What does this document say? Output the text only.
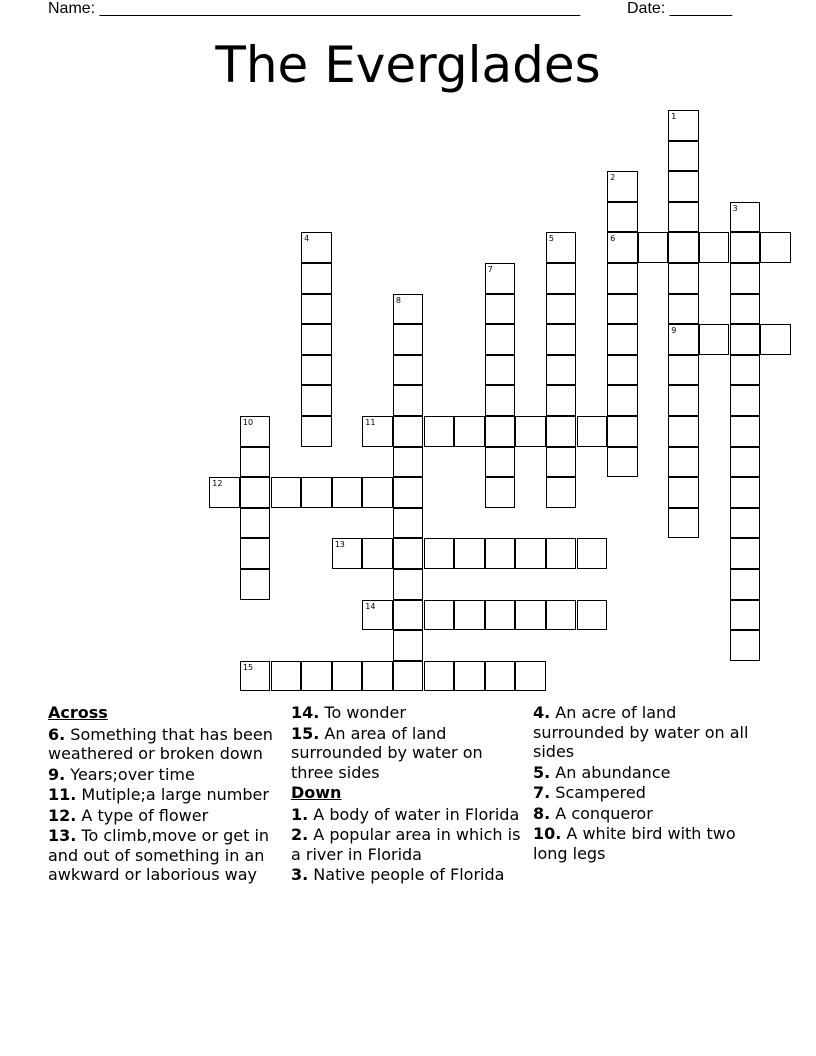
Name: ______________________________________________________	Date: _______
The Everglades
1
2
3
4	5	6
7
8
9
10	11
12
13
14
15
Across
6. Something that has been weathered or broken down
9. Years;over time
11. Mutiple;a large number
12. A type of flower
13. To climb,move or get in and out of something in an awkward or laborious way
14. To wonder
15. An area of land surrounded by water on three sides
Down
1. A body of water in Florida
2. A popular area in which is a river in Florida
3. Native people of Florida
4. An acre of land surrounded by water on all sides
5. An abundance
7. Scampered
8. A conqueror
10. A white bird with two long legs
